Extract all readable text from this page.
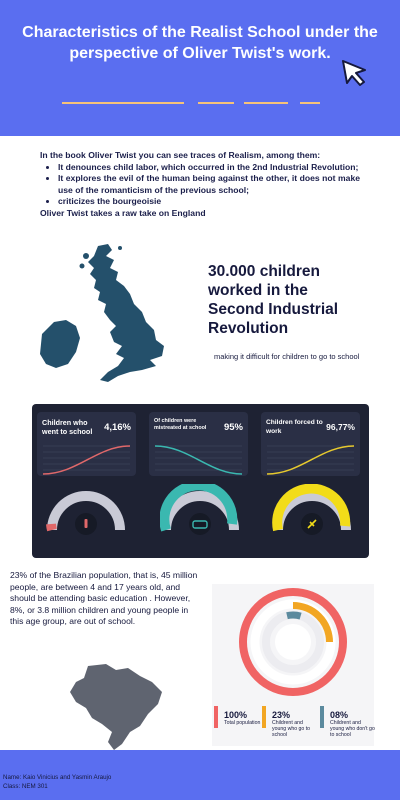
Characteristics of the Realist School under the perspective of Oliver Twist's work.
In the book Oliver Twist you can see traces of Realism, among them:
• It denounces child labor, which occurred in the 2nd Industrial Revolution;
• It explores the evil of the human being against the other, it does not make use of the romanticism of the previous school;
• criticizes the bourgeoisie
Oliver Twist takes a raw take on England
30.000 children worked in the Second Industrial Revolution
making it difficult for children to go to school
Children who went to school	4,16%
Of children were mistreated at school	95%	Children forced to work	96,77%
23% of the Brazilian population, that is, 45 million people, are between 4 and 17 years old, and should be attending basic education . However, 8%, or 3.8 million children and young people in this age group, are out of school.
100%
Total population
23%
Childrent and young who go to school
08%
Childrent and young who don't go to school
Name: Kaio Vinicius and Yasmin Araujo
Class: NEM 301
